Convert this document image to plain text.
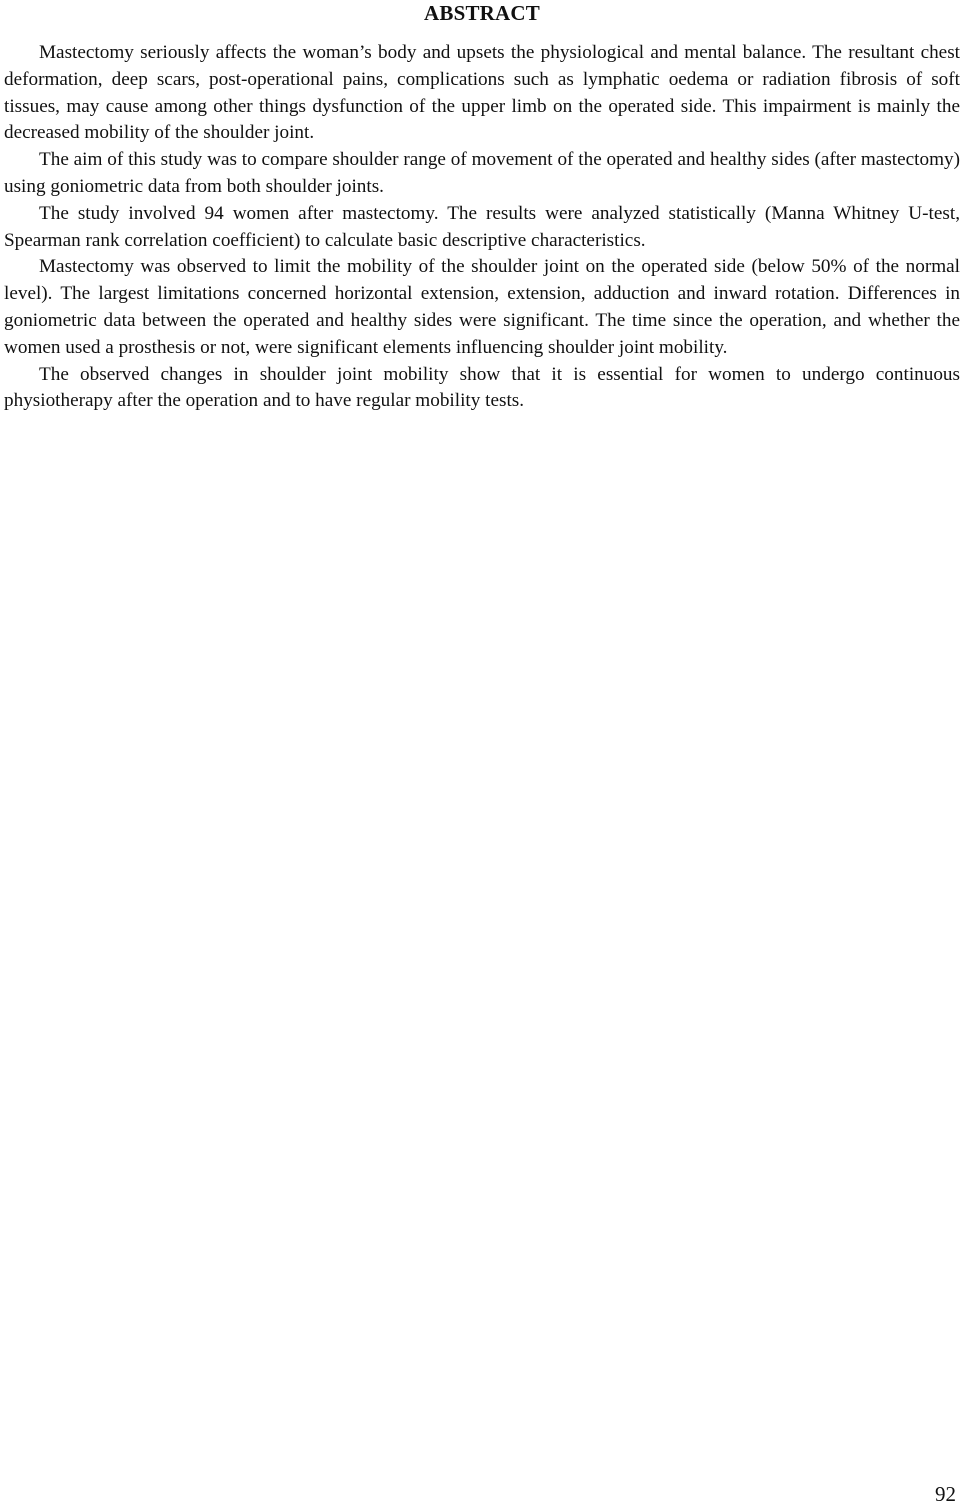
ABSTRACT

Mastectomy seriously affects the woman’s body and upsets the physiological and mental balance. The resultant chest deformation, deep scars, post-operational pains, complications such as lymphatic oedema or radiation fibrosis of soft tissues, may cause among other things dysfunction of the upper limb on the operated side. This impairment is mainly the decreased mobility of the shoulder joint.

The aim of this study was to compare shoulder range of movement of the operated and healthy sides (after mastectomy) using goniometric data from both shoulder joints.

The study involved 94 women after mastectomy. The results were analyzed statistically (Manna Whitney U-test, Spearman rank correlation coefficient) to calculate basic descriptive characteristics.

Mastectomy was observed to limit the mobility of the shoulder joint on the operated side (below 50% of the normal level). The largest limitations concerned horizontal extension, extension, adduction and inward rotation. Differences in goniometric data between the operated and healthy sides were significant. The time since the operation, and whether the women used a prosthesis or not, were significant elements influencing shoulder joint mobility.

The observed changes in shoulder joint mobility show that it is essential for women to undergo continuous physiotherapy after the operation and to have regular mobility tests.

92
